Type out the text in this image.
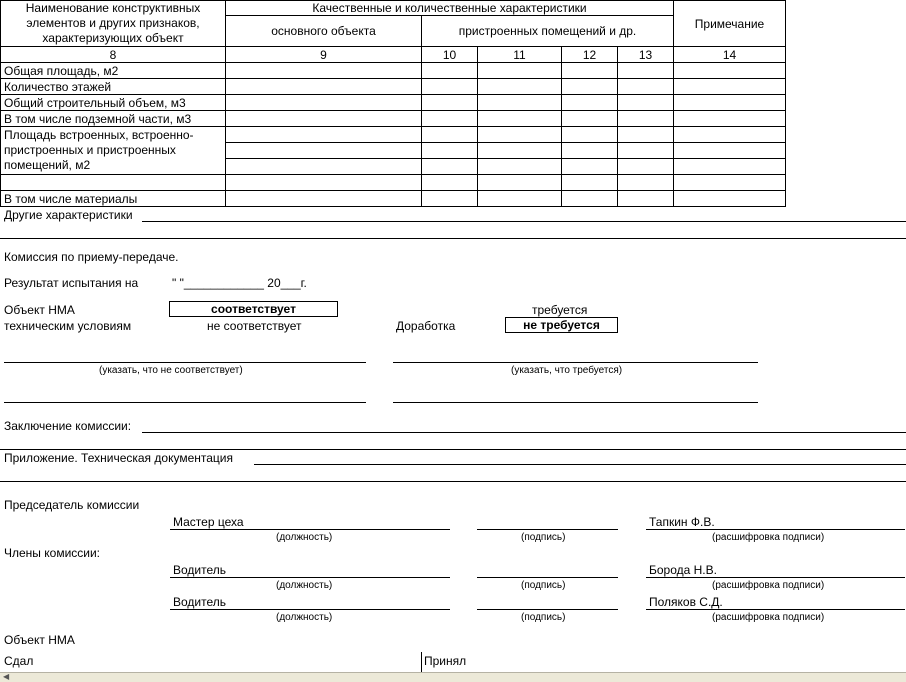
Наименование конструктивных элементов и других признаков, характеризующих объект	Качественные и количественные характеристики					Примечание
	основного объекта	пристроенных помещений и др.				
8	9	10	11	12	13	14
Общая площадь, м2						
Количество этажей						
Общий строительный объем, м3						
В том числе подземной части, м3						
Площадь встроенных, встроенно-пристроенных и пристроенных помещений, м2						

В том числе материалы						
Другие характеристики
Комиссия по приему-передаче.
Результат испытания на	" "____________ 20___г.
Объект НМА
техническим условиям
соответствует
не соответствует	Доработка
требуется
не требуется
(указать, что не соответствует)	(указать, что требуется)
Заключение комиссии:
Приложение. Техническая документация
Председатель комиссии
Мастер цеха	Тапкин Ф.В.
(должность)	(подпись)	(расшифровка подписи)
Члены комиссии:
Водитель	Борода Н.В.
(должность)	(подпись)	(расшифровка подписи)
Водитель	Поляков С.Д.
(должность)	(подпись)	(расшифровка подписи)
Объект НМА
Сдал	Принял
◀
